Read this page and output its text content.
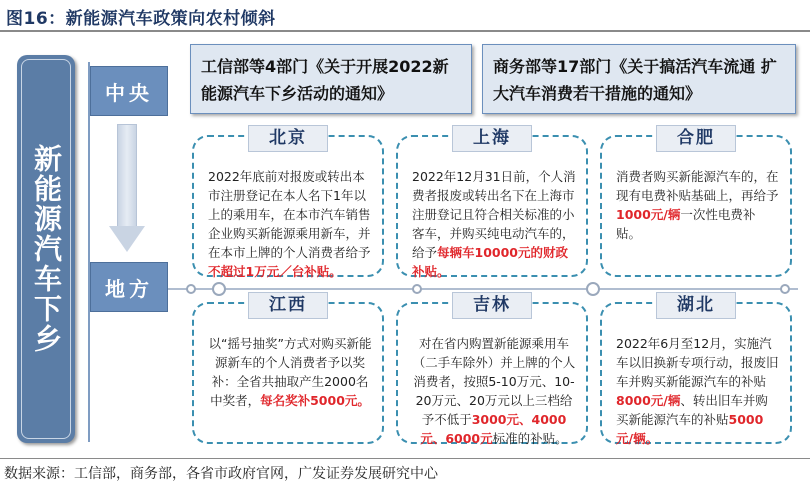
图16：新能源汽车政策向农村倾斜
新能源汽车下乡
中央
地方
工信部等4部门《关于开展2022新能源汽车下乡活动的通知》
商务部等17部门《关于搞活汽车流通 扩大汽车消费若干措施的通知》
北京
2022年底前对报废或转出本市注册登记在本人名下1年以上的乘用车，在本市汽车销售企业购买新能源乘用新车，并在本市上牌的个人消费者给予不超过1万元／台补贴。
上海
2022年12月31日前，个人消费者报废或转出名下在上海市注册登记且符合相关标准的小客车，并购买纯电动汽车的，给予每辆车10000元的财政补贴。
合肥
消费者购买新能源汽车的，在现有电费补贴基础上，再给予1000元/辆一次性电费补贴。
江西
以“摇号抽奖”方式对购买新能源新车的个人消费者予以奖补：全省共抽取产生2000名中奖者，每名奖补5000元。
吉林
对在省内购置新能源乘用车（二手车除外）并上牌的个人消费者，按照5-10万元、10-20万元、20万元以上三档给予不低于3000元、4000元、6000元标准的补贴。
湖北
2022年6月至12月，实施汽车以旧换新专项行动，报废旧车并购买新能源汽车的补贴8000元/辆、转出旧车并购买新能源汽车的补贴5000元/辆。
数据来源：工信部，商务部，各省市政府官网，广发证券发展研究中心
